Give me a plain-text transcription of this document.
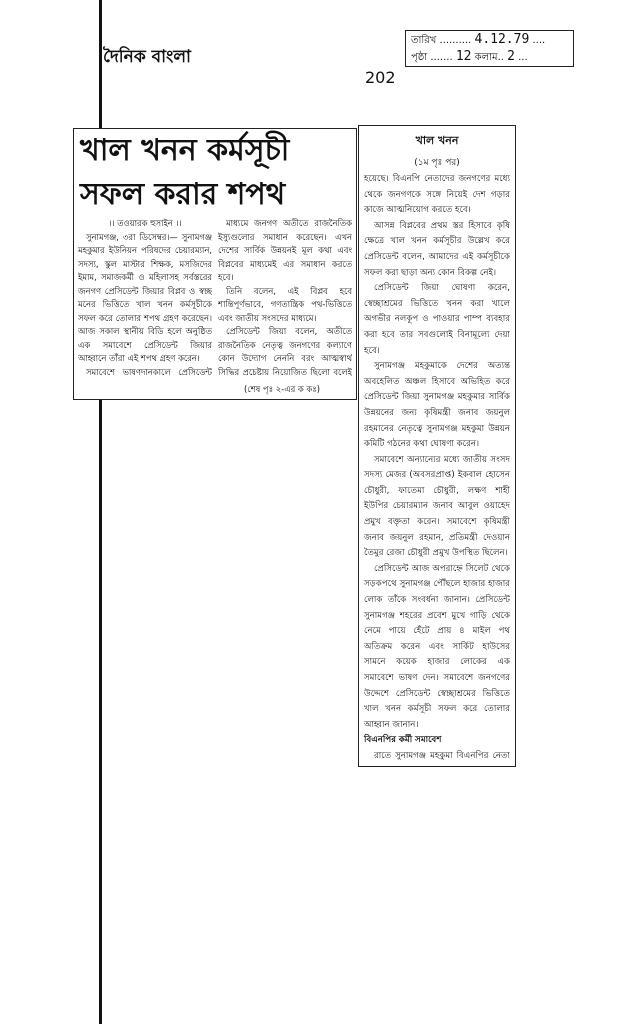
দৈনিক বাংলা
202
তারিখ .......... 4.12.79 ....
পৃষ্ঠা ....... 12 কলাম.. 2 ...
খাল খনন কর্মসূচী
সফল করার শপথ

।। তওয়ারক হুসাইন ।।

সুনামগঞ্জ, ৩রা ডিসেম্বর।— সুনামগঞ্জ মহকুমার ইউনিয়ন পরিষদের চেয়ারম্যান, সদস্য, স্কুল মাস্টার শিক্ষক, মসজিদের ইমাম, সমাজকর্মী ও মহিলাসহ সর্বস্তরের জনগণ প্রেসিডেন্ট জিয়ার বিপ্লব ও স্বচ্ছ মনের ভিত্তিতে খাল খনন কর্মসূচীকে সফল করে তোলার শপথ গ্রহণ করেছেন। আজ সকাল স্থানীয় বিডি হলে অনুষ্ঠিত এক সমাবেশে প্রেসিডেন্ট জিয়ার আহ্বানে তাঁরা এই শপথ গ্রহণ করেন।

সমাবেশে ভাষণদানকালে প্রেসিডেন্ট

মাধ্যমে জনগণ অতীতে রাজনৈতিক ইস্যুগুলোর সমাধান করেছেন। এখন দেশের সার্বিক উন্নয়নই মূল কথা এবং বিপ্লবের মাধ্যমেই এর সমাধান করতে হবে।

তিনি বলেন, এই বিপ্লব হবে শান্তিপূর্ণভাবে, গণতান্ত্রিক পথ-ভিত্তিতে এবং জাতীয় সংসদের মাধ্যমে।

প্রেসিডেন্ট জিয়া বলেন, অতীতে রাজনৈতিক নেতৃত্ব জনগণের কল্যাণে কোন উদ্যোগ নেননি বরং আত্মস্বার্থ সিদ্ধির প্রচেষ্টায় নিয়োজিত ছিলো বলেই

(শেষ পৃঃ ২-এর ক কঃ)
খাল খনন
(১ম পৃঃ পর)

হয়েছে। বিএনপি নেতাদের জনগণের মধ্যে থেকে জনগণকে সঙ্গে নিয়েই দেশ গড়ার কাজে আত্মনিয়োগ করতে হবে।

আসন্ন বিপ্লবের প্রথম স্তর হিসাবে কৃষি ক্ষেত্রে খাল খনন কর্মসূচীর উল্লেখ করে প্রেসিডেন্ট বলেন, আমাদের এই কর্মসূচীকে সফল করা ছাড়া অন্য কোন বিকল্প নেই।

প্রেসিডেন্ট জিয়া ঘোষণা করেন, স্বেচ্ছাশ্রমের ভিত্তিতে খনন করা খালে অগভীর নলকূপ ও পাওয়ার পাম্প ব্যবহার করা হবে তার সবগুলোই বিনামূল্যে দেয়া হবে।

সুনামগঞ্জ মহকুমাকে দেশের অত্যন্ত অবহেলিত অঞ্চল হিসাবে অভিহিত করে প্রেসিডেন্ট জিয়া সুনামগঞ্জ মহকুমার সার্বিক উন্নয়নের জন্য কৃষিমন্ত্রী জনাব জয়নুল রহমানের নেতৃত্বে সুনামগঞ্জ মহকুমা উন্নয়ন কমিটি গঠনের কথা ঘোষণা করেন।

সমাবেশে অন্যান্যের মধ্যে জাতীয় সংসদ সদস্য মেজর (অবসরপ্রাপ্ত) ইকবাল হোসেন চৌধুরী, ফাতেমা চৌধুরী, লক্ষণ শাহী ইউপির চেয়ারম্যান জনাব আবুল ওয়াহেদ প্রমুখ বক্তৃতা করেন। সমাবেশে কৃষিমন্ত্রী জনাব জয়নুল রহমান, প্রতিমন্ত্রী দেওয়ান তৈমুর রেজা চৌধুরী প্রমুখ উপস্থিত ছিলেন।

প্রেসিডেন্ট আজ অপরাহ্নে সিলেট থেকে সড়কপথে সুনামগঞ্জ পৌঁছলে হাজার হাজার লোক তাঁকে সংবর্ধনা জানান। প্রেসিডেন্ট সুনামগঞ্জ শহরের প্রবেশ মুখে গাড়ি থেকে নেমে পায়ে হেঁটে প্রায় ৪ মাইল পথ অতিক্রম করেন এবং সার্কিট হাউসের সামনে কয়েক হাজার লোকের এক সমাবেশে ভাষণ দেন। সমাবেশে জনগণের উদ্দেশে প্রেসিডেন্ট স্বেচ্ছাশ্রমের ভিত্তিতে খাল খনন কর্মসূচী সফল করে তোলার আহ্বান জানান।

বিএনপির কর্মী সমাবেশ

রাতে সুনামগঞ্জ মহকুমা বিএনপির নেতা
